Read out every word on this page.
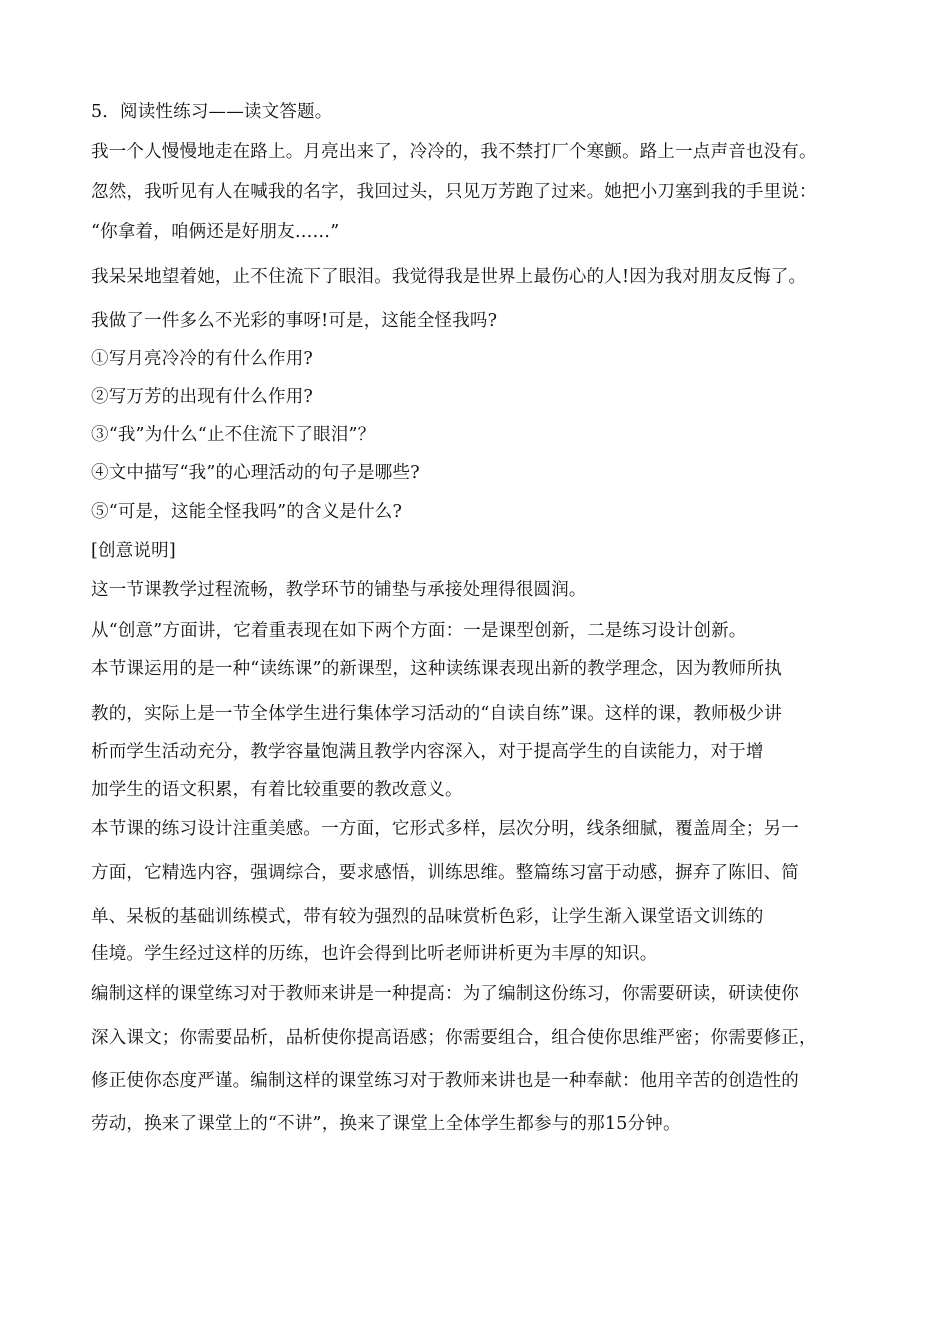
5．阅读性练习——读文答题。
我一个人慢慢地走在路上。月亮出来了，冷冷的，我不禁打厂个寒颤。路上一点声音也没有。
忽然，我听见有人在喊我的名字，我回过头，只见万芳跑了过来。她把小刀塞到我的手里说：
“你拿着，咱俩还是好朋友……”
我呆呆地望着她，止不住流下了眼泪。我觉得我是世界上最伤心的人!因为我对朋友反悔了。
我做了一件多么不光彩的事呀!可是，这能全怪我吗?
①写月亮冷冷的有什么作用?
②写万芳的出现有什么作用?
③“我”为什么“止不住流下了眼泪”？
④文中描写“我”的心理活动的句子是哪些?
⑤“可是，这能全怪我吗”的含义是什么?
[创意说明]
这一节课教学过程流畅，教学环节的铺垫与承接处理得很圆润。
从“创意”方面讲，它着重表现在如下两个方面：一是课型创新，二是练习设计创新。
本节课运用的是一种“读练课”的新课型，这种读练课表现出新的教学理念，因为教师所执
教的，实际上是一节全体学生进行集体学习活动的“自读自练”课。这样的课，教师极少讲
析而学生活动充分，教学容量饱满且教学内容深入，对于提高学生的自读能力，对于增
加学生的语文积累，有着比较重要的教改意义。
本节课的练习设计注重美感。一方面，它形式多样，层次分明，线条细腻，覆盖周全；另一
方面，它精选内容，强调综合，要求感悟，训练思维。整篇练习富于动感，摒弃了陈旧、简
单、呆板的基础训练模式，带有较为强烈的品味赏析色彩，让学生渐入课堂语文训练的
佳境。学生经过这样的历练，也许会得到比听老师讲析更为丰厚的知识。
编制这样的课堂练习对于教师来讲是一种提高：为了编制这份练习，你需要研读，研读使你
深入课文；你需要品析，品析使你提高语感；你需要组合，组合使你思维严密；你需要修正，
修正使你态度严谨。编制这样的课堂练习对于教师来讲也是一种奉献：他用辛苦的创造性的
劳动，换来了课堂上的“不讲”，换来了课堂上全体学生都参与的那15分钟。
